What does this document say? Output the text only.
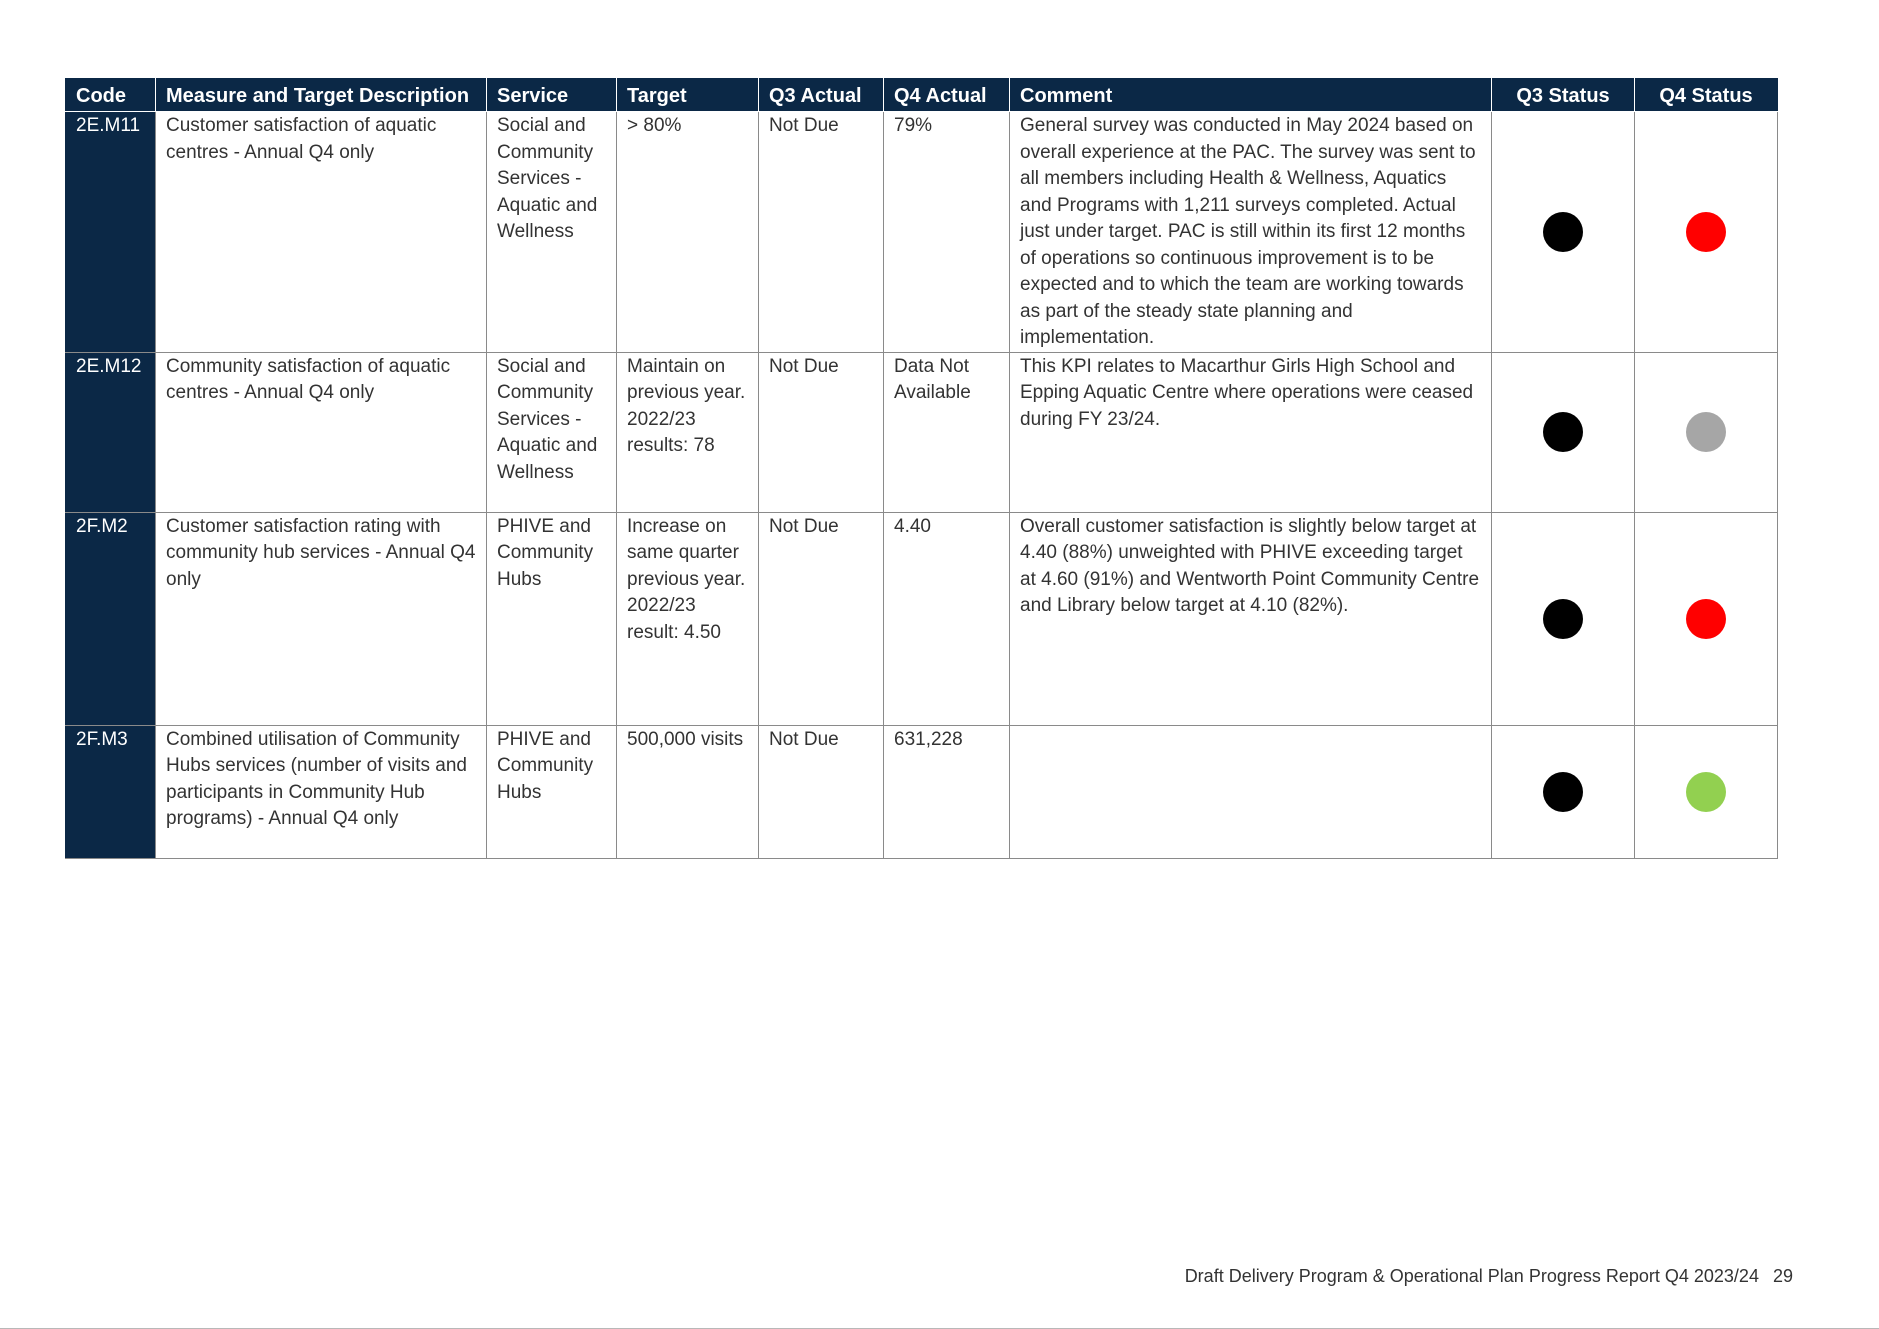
Code	Measure and Target Description	Service	Target	Q3 Actual	Q4 Actual	Comment	Q3 Status	Q4 Status
2E.M11	Customer satisfaction of aquatic centres - Annual Q4 only	Social and Community Services - Aquatic and Wellness	> 80%	Not Due	79%	General survey was conducted in May 2024 based on overall experience at the PAC. The survey was sent to all members including Health & Wellness, Aquatics and Programs with 1,211 surveys completed. Actual just under target. PAC is still within its first 12 months of operations so continuous improvement is to be expected and to which the team are working towards as part of the steady state planning and implementation.		
2E.M12	Community satisfaction of aquatic centres - Annual Q4 only	Social and Community Services - Aquatic and Wellness	Maintain on previous year. 2022/23 results: 78	Not Due	Data Not Available	This KPI relates to Macarthur Girls High School and Epping Aquatic Centre where operations were ceased during FY 23/24.		
2F.M2	Customer satisfaction rating with community hub services - Annual Q4 only	PHIVE and Community Hubs	Increase on same quarter previous year. 2022/23 result: 4.50	Not Due	4.40	Overall customer satisfaction is slightly below target at 4.40 (88%) unweighted with PHIVE exceeding target at 4.60 (91%) and Wentworth Point Community Centre and Library below target at 4.10 (82%).		
2F.M3	Combined utilisation of Community Hubs services (number of visits and participants in Community Hub programs) - Annual Q4 only	PHIVE and Community Hubs	500,000 visits	Not Due	631,228			
Draft Delivery Program & Operational Plan Progress Report Q4 2023/24 29
